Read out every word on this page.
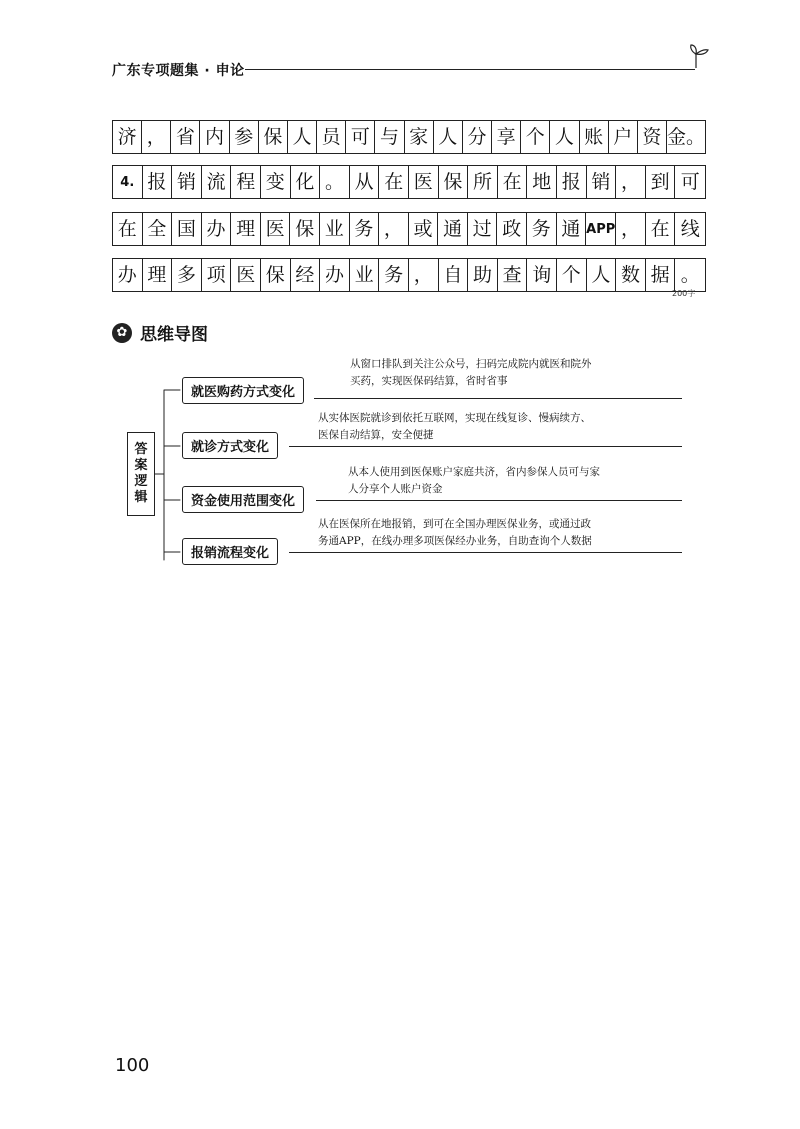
广东专项题集 · 申论
济 ， 省 内 参 保 人 员 可 与 家 人 分 享 个 人 账 户 资 金。
4. 报 销 流 程 变 化 。 从 在 医 保 所 在 地 报 销 ， 到 可
在 全 国 办 理 医 保 业 务 ， 或 通 过 政 务 通 APP ， 在 线
办 理 多 项 医 保 经 办 业 务 ， 自 助 查 询 个 人 数 据 。
200字
✿ 思维导图
答
案
逻
辑
就医购药方式变化
从窗口排队到关注公众号，扫码完成院内就医和院外
买药，实现医保码结算，省时省事
就诊方式变化
从实体医院就诊到依托互联网，实现在线复诊、慢病续方、
医保自动结算，安全便捷
资金使用范围变化
从本人使用到医保账户家庭共济，省内参保人员可与家
人分享个人账户资金
报销流程变化
从在医保所在地报销，到可在全国办理医保业务，或通过政
务通APP，在线办理多项医保经办业务，自助查询个人数据
100
